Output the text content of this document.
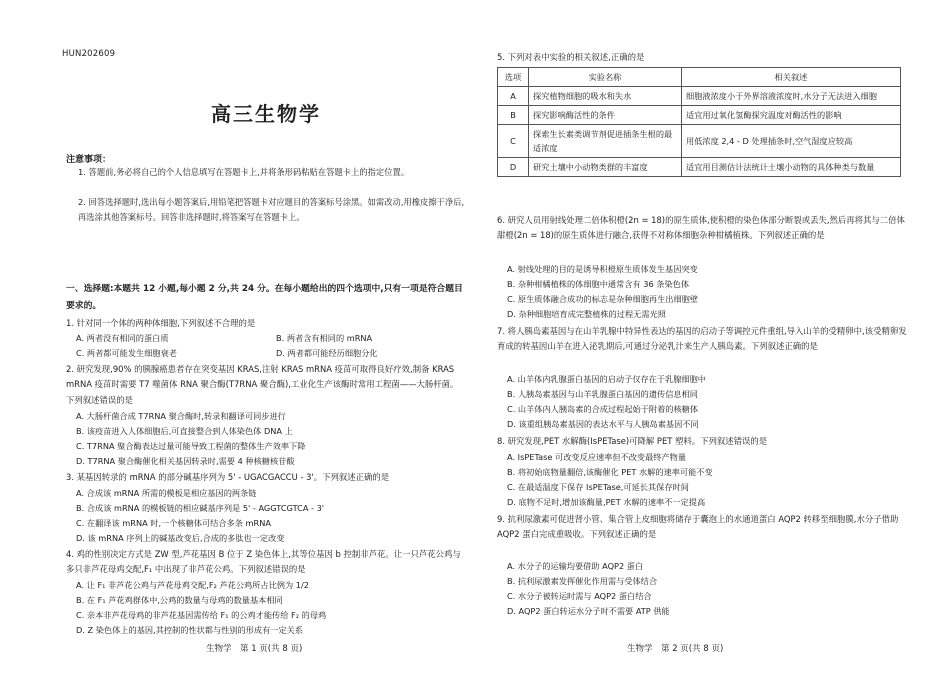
HUN202609
高三生物学
注意事项：
1. 答题前,务必将自己的个人信息填写在答题卡上,并将条形码粘贴在答题卡上的指定位置。
2. 回答选择题时,选出每小题答案后,用铅笔把答题卡对应题目的答案标号涂黑。如需改动,用橡皮擦干净后,再选涂其他答案标号。回答非选择题时,将答案写在答题卡上。
一、选择题:本题共 12 小题,每小题 2 分,共 24 分。在每小题给出的四个选项中,只有一项是符合题目要求的。
1. 针对同一个体的两种体细胞,下列叙述不合理的是
A. 两者没有相同的蛋白质	B. 两者含有相同的 mRNA
C. 两者都可能发生细胞衰老	D. 两者都可能经历细胞分化
2. 研究发现,90% 的胰腺癌患者存在突变基因 KRAS,注射 KRAS mRNA 疫苗可取得良好疗效,制备 KRAS mRNA 疫苗时需要 T7 噬菌体 RNA 聚合酶(T7RNA 聚合酶),工业化生产该酶时常用工程菌——大肠杆菌。下列叙述错误的是
A. 大肠杆菌合成 T7RNA 聚合酶时,转录和翻译可同步进行
B. 该疫苗进入人体细胞后,可直接整合到人体染色体 DNA 上
C. T7RNA 聚合酶表达过量可能导致工程菌的整体生产效率下降
D. T7RNA 聚合酶催化相关基因转录时,需要 4 种核糖核苷酸
3. 某基因转录的 mRNA 的部分碱基序列为 5' - UGACGACCU - 3'。下列叙述正确的是
A. 合成该 mRNA 所需的模板是相应基因的两条链
B. 合成该 mRNA 的模板链的相应碱基序列是 5' - AGGTCGTCA - 3'
C. 在翻译该 mRNA 时,一个核糖体可结合多条 mRNA
D. 该 mRNA 序列上的碱基改变后,合成的多肽也一定改变
4. 鸡的性别决定方式是 ZW 型,芦花基因 B 位于 Z 染色体上,其等位基因 b 控制非芦花。让一只芦花公鸡与多只非芦花母鸡交配,F₁ 中出现了非芦花公鸡。下列叙述错误的是
A. 让 F₁ 非芦花公鸡与芦花母鸡交配,F₂ 芦花公鸡所占比例为 1/2
B. 在 F₁ 芦花鸡群体中,公鸡的数量与母鸡的数量基本相同
C. 亲本非芦花母鸡的非芦花基因需传给 F₁ 的公鸡才能传给 F₂ 的母鸡
D. Z 染色体上的基因,其控制的性状都与性别的形成有一定关系
生物学　第 1 页(共 8 页)
5. 下列对表中实验的相关叙述,正确的是
选项	实验名称	相关叙述
A	探究植物细胞的吸水和失水	细胞液浓度小于外界溶液浓度时,水分子无法进入细胞
B	探究影响酶活性的条件	适宜用过氧化氢酶探究温度对酶活性的影响
C	探索生长素类调节剂促进插条生根的最适浓度	用低浓度 2,4 - D 处理插条时,空气湿度应较高
D	研究土壤中小动物类群的丰富度	适宜用目测估计法统计土壤小动物的具体种类与数量
6. 研究人员用射线处理二倍体积橙(2n = 18)的原生质体,使积橙的染色体部分断裂或丢失,然后再将其与二倍体甜橙(2n = 18)的原生质体进行融合,获得不对称体细胞杂种柑橘植株。下列叙述正确的是
A. 射线处理的目的是诱导积橙原生质体发生基因突变
B. 杂种柑橘植株的体细胞中通常含有 36 条染色体
C. 原生质体融合成功的标志是杂种细胞再生出细胞壁
D. 杂种细胞培育成完整植株的过程无需光照
7. 将人胰岛素基因与在山羊乳腺中特异性表达的基因的启动子等调控元件重组,导入山羊的受精卵中,该受精卵发育成的转基因山羊在进入泌乳期后,可通过分泌乳汁来生产人胰岛素。下列叙述正确的是
A. 山羊体内乳腺蛋白基因的启动子仅存在于乳腺细胞中
B. 人胰岛素基因与山羊乳腺蛋白基因的遗传信息相同
C. 山羊体内人胰岛素的合成过程起始于附着的核糖体
D. 该重组胰岛素基因的表达水平与人胰岛素基因不同
8. 研究发现,PET 水解酶(IsPETase)可降解 PET 塑料。下列叙述错误的是
A. IsPETase 可改变反应速率但不改变最终产物量
B. 将初始底物量翻倍,该酶催化 PET 水解的速率可能不变
C. 在最适温度下保存 IsPETase,可延长其保存时间
D. 底物不足时,增加该酶量,PET 水解的速率不一定提高
9. 抗利尿激素可促进肾小管、集合管上皮细胞将储存于囊泡上的水通道蛋白 AQP2 转移至细胞膜,水分子借助 AQP2 蛋白完成重吸收。下列叙述正确的是
A. 水分子的运输均要借助 AQP2 蛋白
B. 抗利尿激素发挥催化作用需与受体结合
C. 水分子被转运时需与 AQP2 蛋白结合
D. AQP2 蛋白转运水分子时不需要 ATP 供能
生物学　第 2 页(共 8 页)
